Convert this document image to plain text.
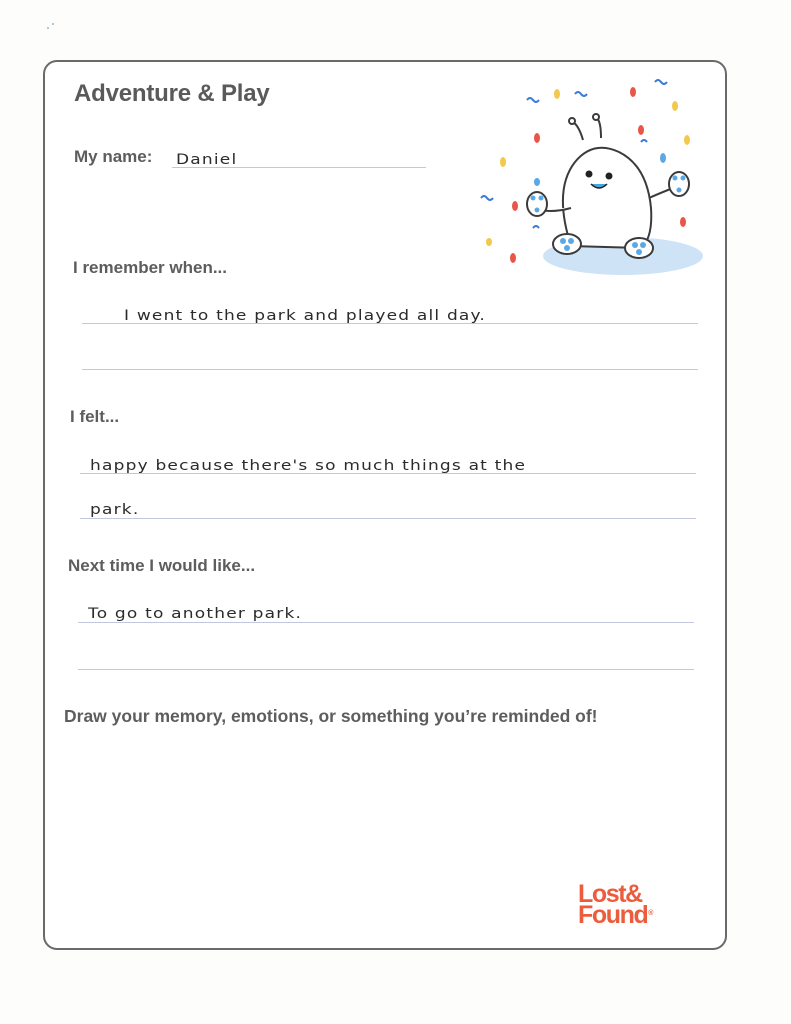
Adventure & Play
My name: Daniel
I remember when...
I went to the park and played all day.
I felt...
happy because there's so much things at the
park.
Next time I would like...
To go to another park.
Draw your memory, emotions, or something you’re reminded of!
Lost&
Found ®
